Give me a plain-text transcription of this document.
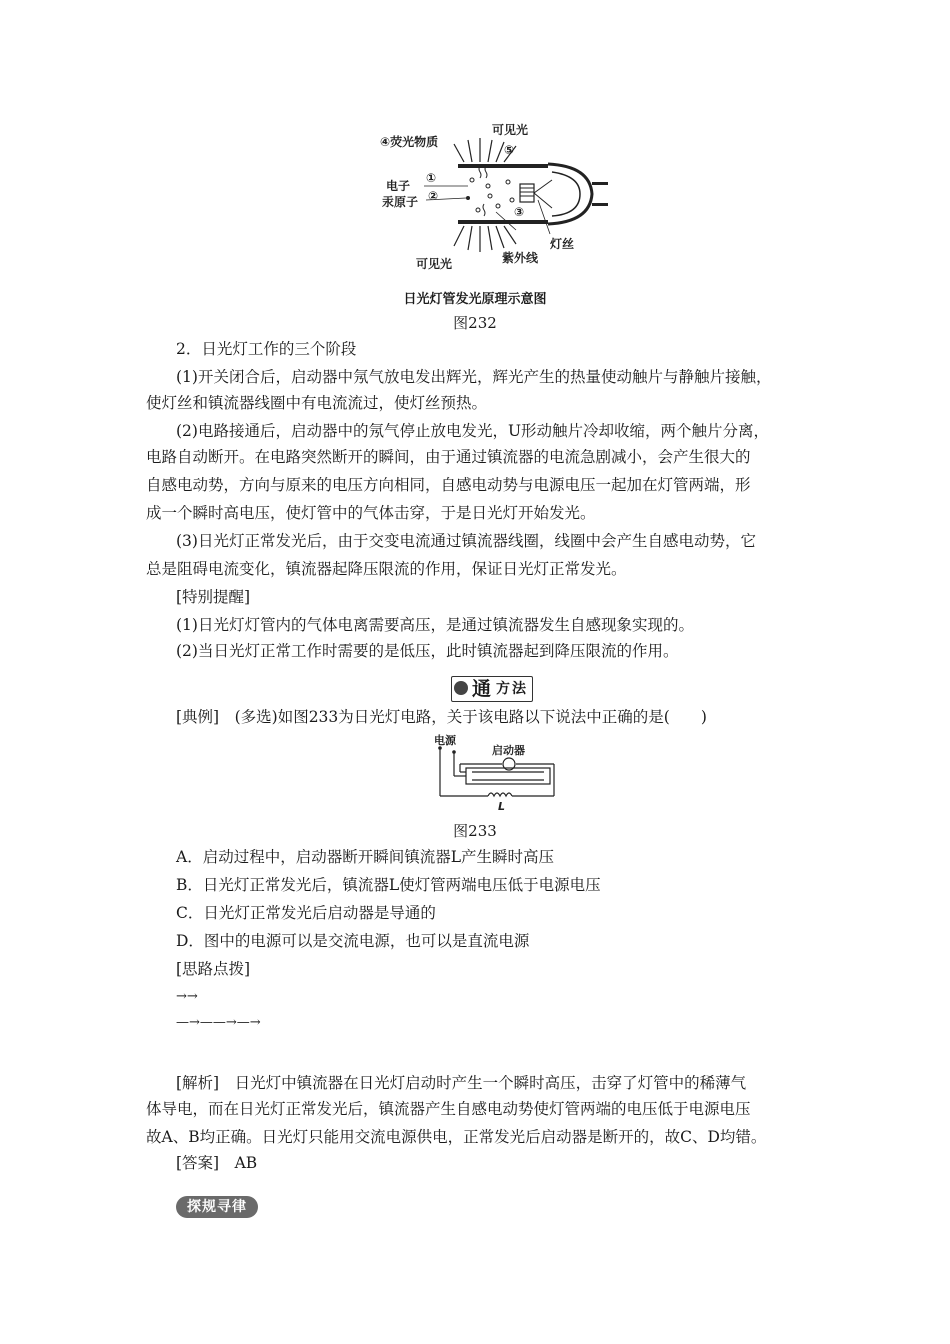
④荧光物质
可见光
⑤
电子
①
汞原子 ②
③
灯丝
可见光	紫外线
日光灯管发光原理示意图
图232
2．日光灯工作的三个阶段
(1)开关闭合后，启动器中氖气放电发出辉光，辉光产生的热量使动触片与静触片接触，
使灯丝和镇流器线圈中有电流流过，使灯丝预热。
(2)电路接通后，启动器中的氖气停止放电发光，U形动触片冷却收缩，两个触片分离，
电路自动断开。在电路突然断开的瞬间，由于通过镇流器的电流急剧减小，会产生很大的
自感电动势，方向与原来的电压方向相同，自感电动势与电源电压一起加在灯管两端，形
成一个瞬时高电压，使灯管中的气体击穿，于是日光灯开始发光。
(3)日光灯正常发光后，由于交变电流通过镇流器线圈，线圈中会产生自感电动势，它
总是阻碍电流变化，镇流器起降压限流的作用，保证日光灯正常发光。
[特别提醒]
(1)日光灯灯管内的气体电离需要高压，是通过镇流器发生自感现象实现的。
(2)当日光灯正常工作时需要的是低压，此时镇流器起到降压限流的作用。
通 方法
[典例]　(多选)如图233为日光灯电路，关于该电路以下说法中正确的是(　　)
电源
启动器
L
图233
A．启动过程中，启动器断开瞬间镇流器L产生瞬时高压
B．日光灯正常发光后，镇流器L使灯管两端电压低于电源电压
C．日光灯正常发光后启动器是导通的
D．图中的电源可以是交流电源，也可以是直流电源
[思路点拨]
→→
—→——→—→
[解析]　日光灯中镇流器在日光灯启动时产生一个瞬时高压，击穿了灯管中的稀薄气
体导电，而在日光灯正常发光后，镇流器产生自感电动势使灯管两端的电压低于电源电压
故A、B均正确。日光灯只能用交流电源供电，正常发光后启动器是断开的，故C、D均错。
[答案]　AB
探规寻律
